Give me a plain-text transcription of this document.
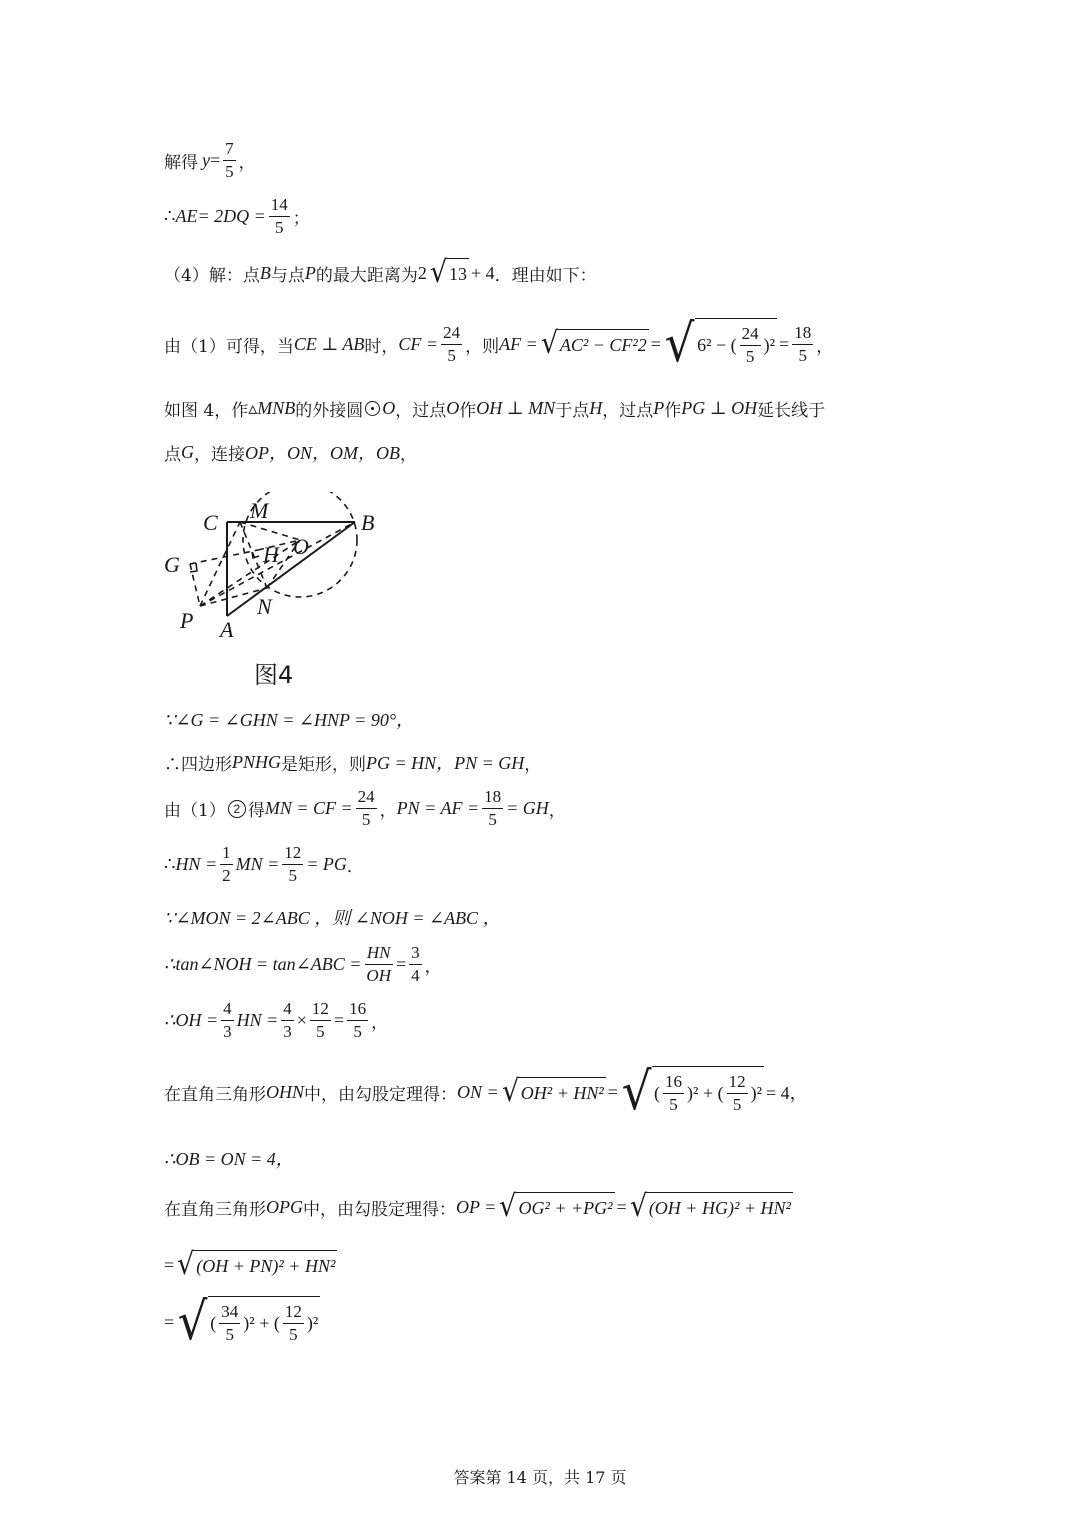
解得 $y = \frac{7}{5}$ ，
∴ AE = $2DQ = \frac{14}{5}$ ；
（4）解：点 B 与点 P 的最大距离为 2 √ 13 + 4 ．理由如下：
由（1）可得，当 CE ⊥ AB 时， CF = $\frac{24}{5}$ ，则 AF = √ AC² − CF²2 = √ 6² − ( $\frac{24}{5} )^2 = \frac{18}{5}$ ，
如图 4，作 ▵MNB 的外接圆 O ，过点 O 作 OH ⊥ MN 于点 H ，过点 P 作 PG ⊥ OH 延长线于
点 G ，连接 OP，ON，OM，OB ，
C M	B
G	H O
P
N
A
图4
∵∠G = ∠GHN = ∠HNP = 90°，
∴四边形 PNHG 是矩形，则 PG = HN，PN = GH ，
由（1） 2 得 MN = CF = $\frac{24}{5}$ ， PN = AF = $\frac{18}{5}$ = GH ，
∴ HN = $\frac{1}{2}$ MN = $\frac{12}{5}$ = PG ．
∵∠MON = 2∠ABC ，则 ∠NOH = ∠ABC ，
∴tan∠NOH = tan∠ABC = $\frac{HN}{OH} = \frac{3}{4}$ ，
∴OH = $\frac{4}{3}$ HN = $\frac{4}{3} \times \frac{12}{5} = \frac{16}{5}$ ，
在直角三角形 OHN 中，由勾股定理得： ON = √ OH² + HN² = √ ( $\frac{16}{5} )^2$ + ( $\frac{12}{5} )^2 = 4$，
∴OB = ON = 4，
在直角三角形 OPG 中，由勾股定理得： OP = √ OG² + +PG² = √ (OH + HG)² + HN²
= √ (OH + PN)² + HN²
= √ ( $\frac{34}{5} )^2$ + ( $\frac{12}{5} )^2$
答案第 14 页，共 17 页
